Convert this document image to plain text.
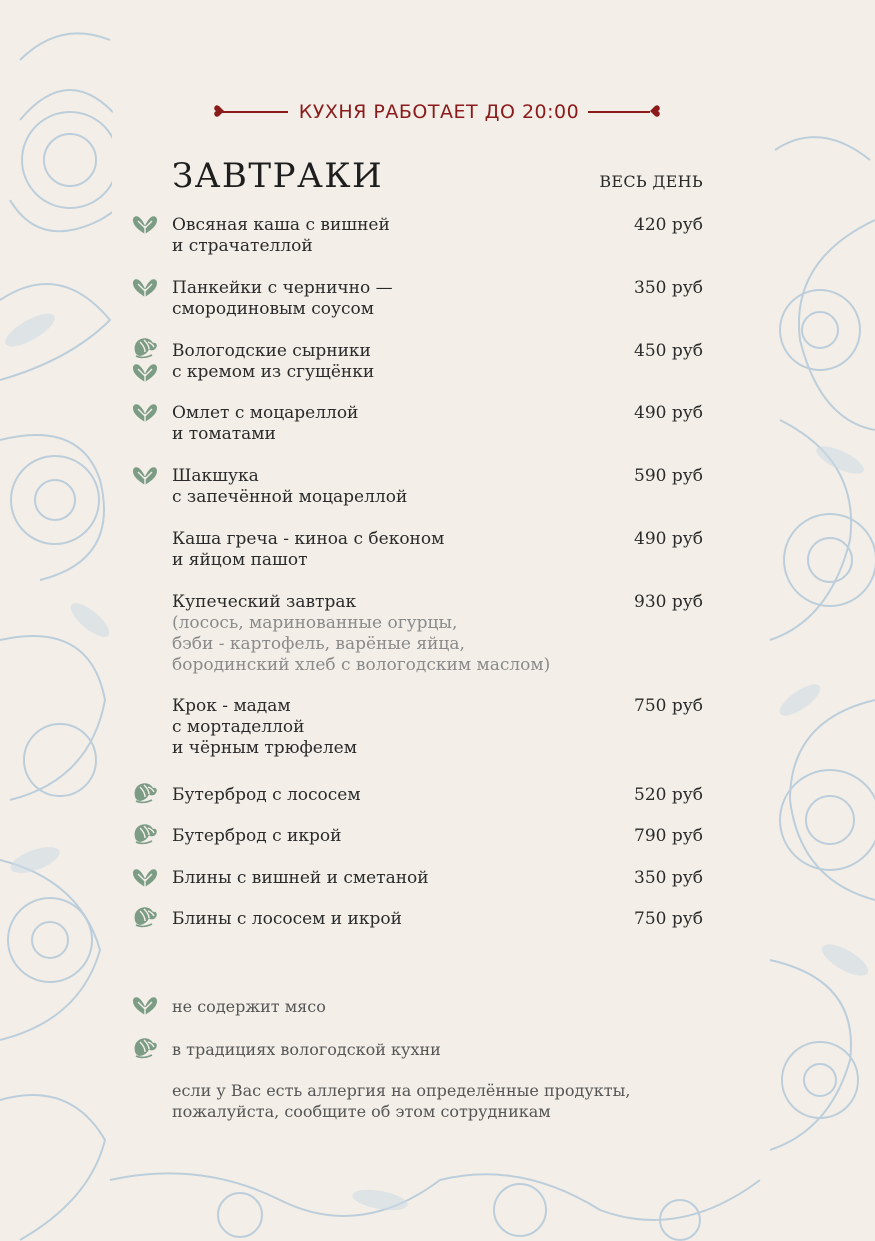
КУХНЯ РАБОТАЕТ ДО 20:00
ЗАВТРАКИ	ВЕСЬ ДЕНЬ
Овсяная каша с вишней
и страчателлой
420 руб
Панкейки с чернично —
смородиновым соусом
350 руб
Вологодские сырники
с кремом из сгущёнки
450 руб
Омлет с моцареллой
и томатами
490 руб
Шакшука
с запечённой моцареллой
590 руб
Каша греча - киноа с беконом
и яйцом пашот
490 руб
Купеческий завтрак
(лосось, маринованные огурцы,
бэби - картофель, варёные яйца,
бородинский хлеб с вологодским маслом)
930 руб
Крок - мадам
с мортаделлой
и чёрным трюфелем
750 руб
Бутерброд с лососем	520 руб
Бутерброд с икрой	790 руб
Блины с вишней и сметаной	350 руб
Блины с лососем и икрой	750 руб
не содержит мясо
в традициях вологодской кухни
если у Вас есть аллергия на определённые продукты,
пожалуйста, сообщите об этом сотрудникам
